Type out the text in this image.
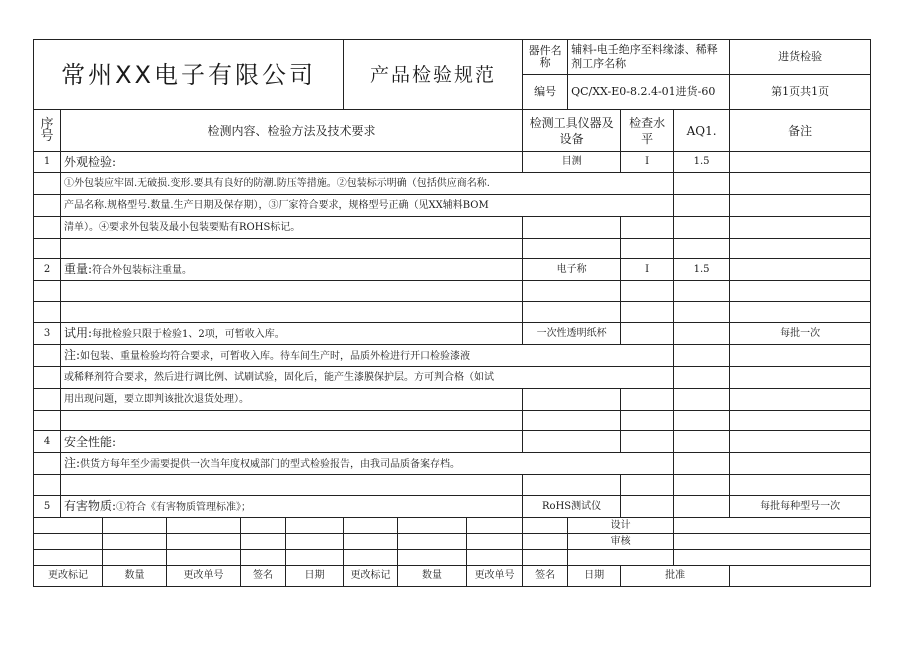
常州XX电子有限公司						产品检验规范			器件名称	辅料-电壬绝序至料缘漆、稀释剂工序名称			进货检验
									编号	QC/XX-E0-8.2.4-01进货-60			第1页共1页
序号	检测内容、检验方法及技术要求								检测工具仪器及设备		检查水平	AQ1.	备注
1	外观检验:								目测		I	1.5	
	①外包装应牢固.无破损.变形.要具有良好的防潮.防压等措施。②包装标示明确（包括供应商名称.												
	产品名称.规格型号.数量.生产日期及保存期），③厂家符合要求，规格型号正确（见XX辅料BOM												
	清单）。④要求外包装及最小包装要贴有ROHS标记。												

2	重量:符合外包装标注重量。								电子称		I	1.5	

3	试用:每批检验只限于检验1、2项，可暂收入库。								一次性透明纸杯				每批一次
	注:如包装、重量检验均符合要求，可暂收入库。待车间生产时，品质外检进行开口检验漆液												
	或稀释剂符合要求，然后进行调比例、试刷试验，固化后，能产生漆膜保护层。方可判合格（如试												
	用出现问题，要立即判该批次退货处理）。												

4	安全性能:												
	注:供货方每年至少需要提供一次当年度权威部门的型式检验报告，由我司品质备案存档。												

5	有害物质:①符合《有害物质管理标准》；								RoHS测试仪				每批每种型号一次
										设计			
										审核			

更改标记		数量	更改单号	签名	日期	更改标记	数量	更改单号	签名	日期	批准		
